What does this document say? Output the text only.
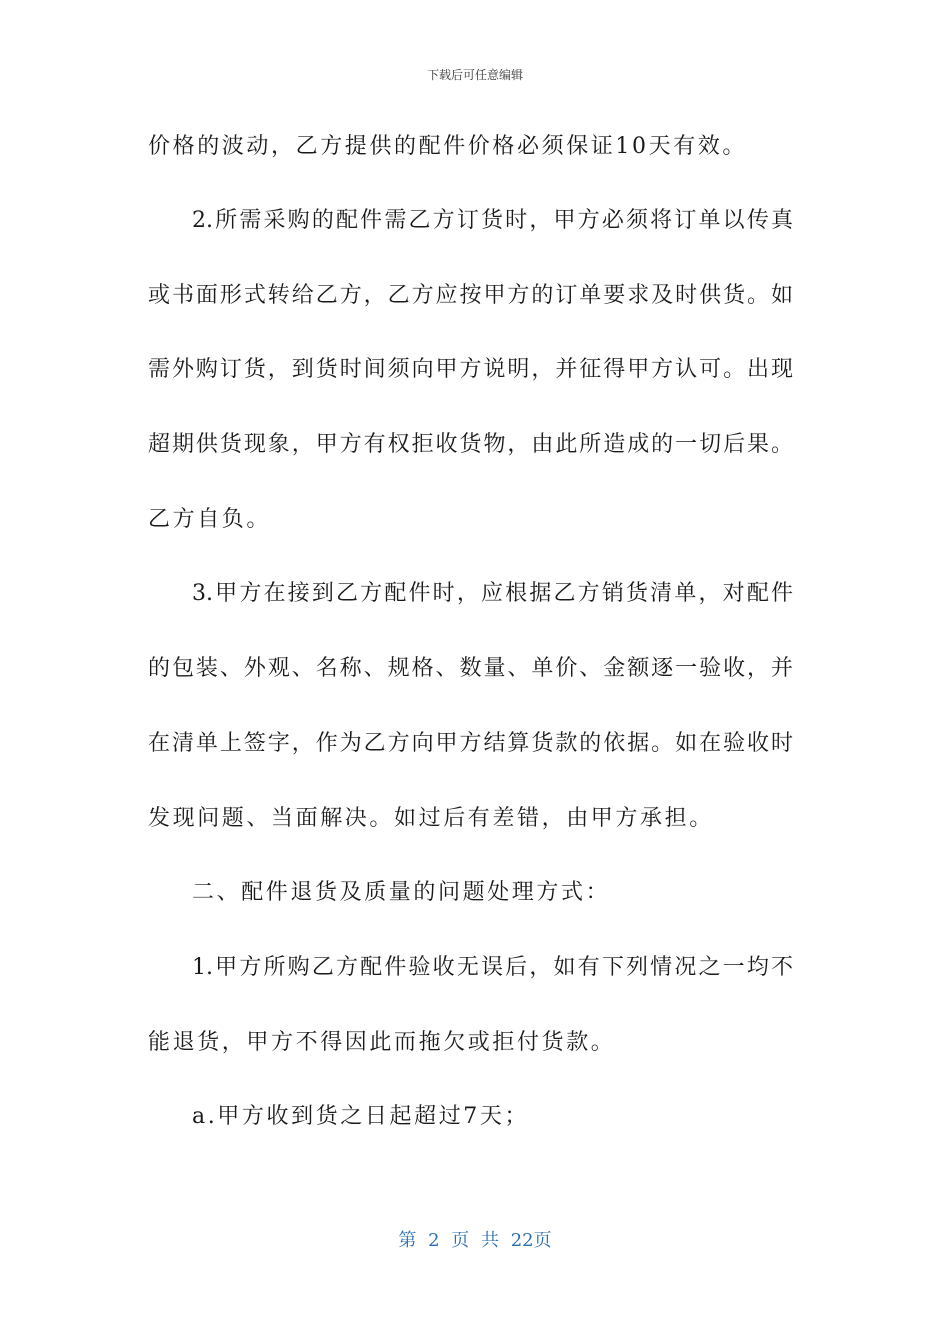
下载后可任意编辑
价格的波动，乙方提供的配件价格必须保证10天有效。
2.所需采购的配件需乙方订货时，甲方必须将订单以传真
或书面形式转给乙方，乙方应按甲方的订单要求及时供货。如
需外购订货，到货时间须向甲方说明，并征得甲方认可。出现
超期供货现象，甲方有权拒收货物，由此所造成的一切后果。
乙方自负。
3.甲方在接到乙方配件时，应根据乙方销货清单，对配件
的包装、外观、名称、规格、数量、单价、金额逐一验收，并
在清单上签字，作为乙方向甲方结算货款的依据。如在验收时
发现问题、当面解决。如过后有差错，由甲方承担。
二、配件退货及质量的问题处理方式：
1.甲方所购乙方配件验收无误后，如有下列情况之一均不
能退货，甲方不得因此而拖欠或拒付货款。
a.甲方收到货之日起超过7天；
第 2 页 共 22页
